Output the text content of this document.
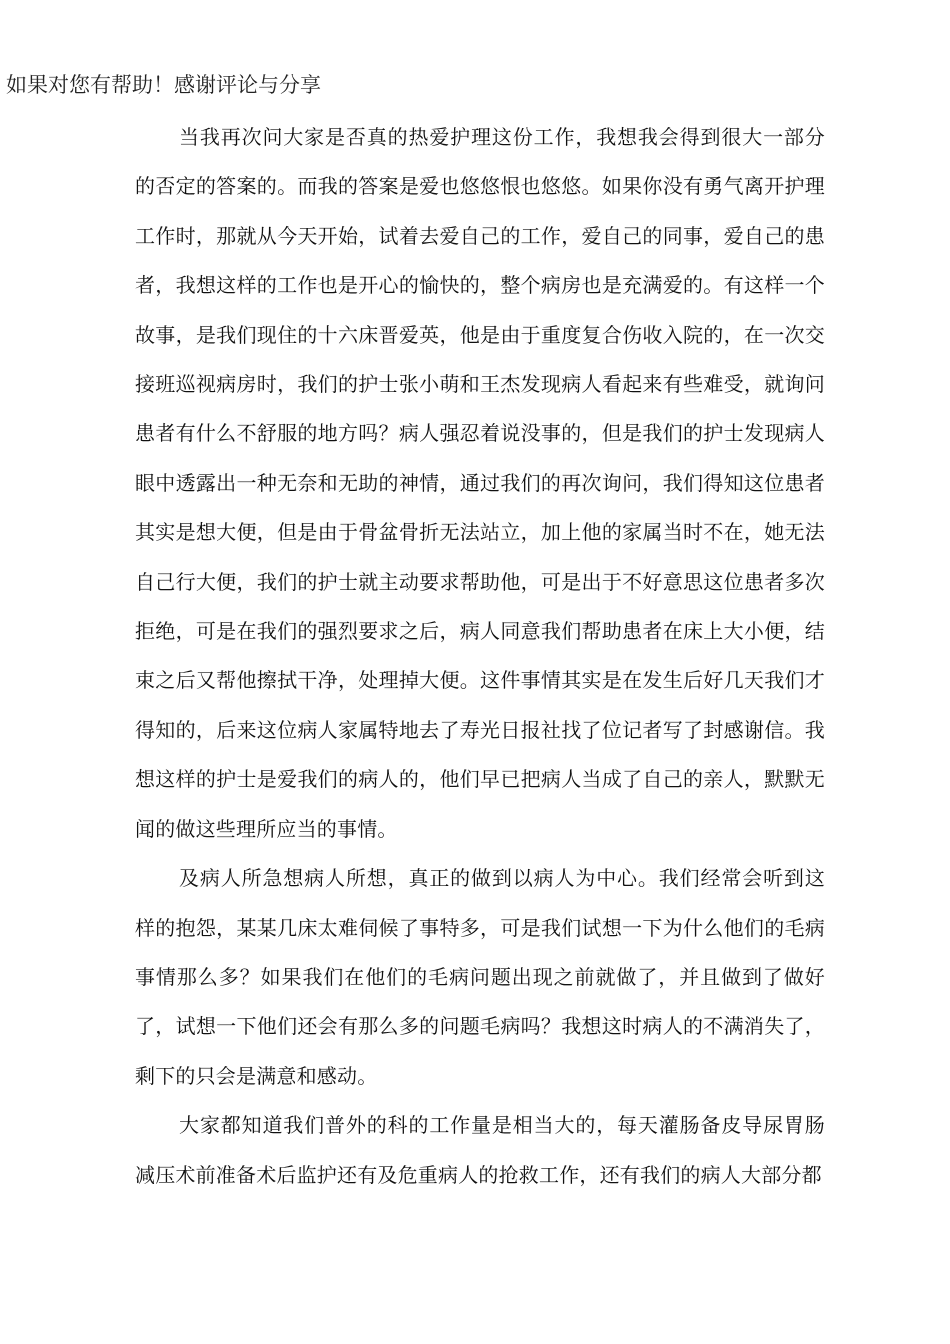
如果对您有帮助！感谢评论与分享

当我再次问大家是否真的热爱护理这份工作，我想我会得到很大一部分的否定的答案的。而我的答案是爱也悠悠恨也悠悠。如果你没有勇气离开护理工作时，那就从今天开始，试着去爱自己的工作，爱自己的同事，爱自己的患者，我想这样的工作也是开心的愉快的，整个病房也是充满爱的。有这样一个故事，是我们现住的十六床晋爱英，他是由于重度复合伤收入院的，在一次交接班巡视病房时，我们的护士张小萌和王杰发现病人看起来有些难受，就询问患者有什么不舒服的地方吗？病人强忍着说没事的，但是我们的护士发现病人眼中透露出一种无奈和无助的神情，通过我们的再次询问，我们得知这位患者其实是想大便，但是由于骨盆骨折无法站立，加上他的家属当时不在，她无法自己行大便，我们的护士就主动要求帮助他，可是出于不好意思这位患者多次拒绝，可是在我们的强烈要求之后，病人同意我们帮助患者在床上大小便，结束之后又帮他擦拭干净，处理掉大便。这件事情其实是在发生后好几天我们才得知的，后来这位病人家属特地去了寿光日报社找了位记者写了封感谢信。我想这样的护士是爱我们的病人的，他们早已把病人当成了自己的亲人，默默无闻的做这些理所应当的事情。

及病人所急想病人所想，真正的做到以病人为中心。我们经常会听到这样的抱怨，某某几床太难伺候了事特多，可是我们试想一下为什么他们的毛病事情那么多？如果我们在他们的毛病问题出现之前就做了，并且做到了做好了，试想一下他们还会有那么多的问题毛病吗？我想这时病人的不满消失了，剩下的只会是满意和感动。

大家都知道我们普外的科的工作量是相当大的，每天灌肠备皮导尿胃肠减压术前准备术后监护还有及危重病人的抢救工作，还有我们的病人大部分都
